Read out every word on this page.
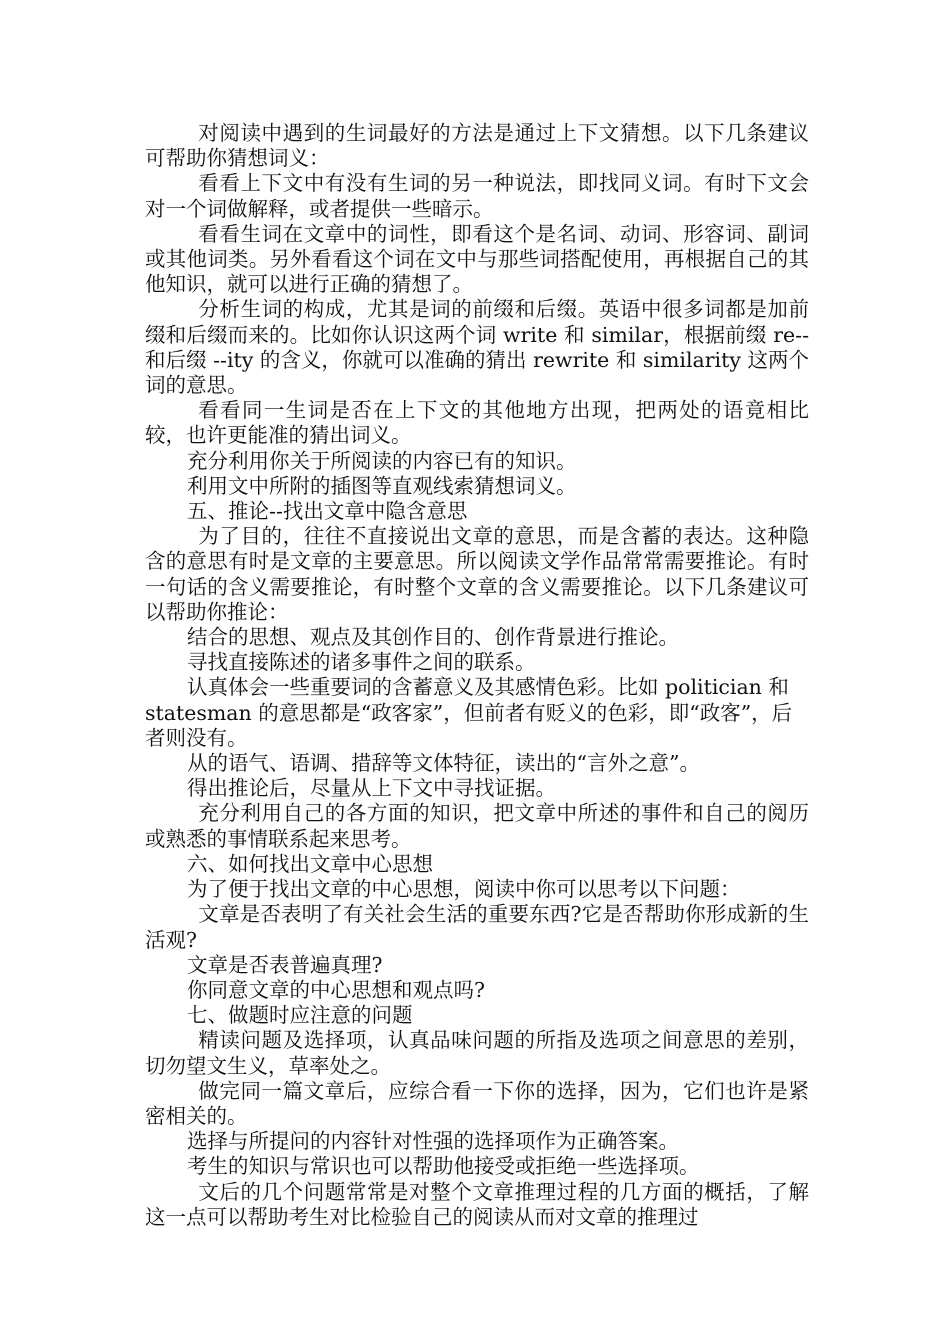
对阅读中遇到的生词最好的方法是通过上下文猜想。以下几条建议可帮助你猜想词义：

看看上下文中有没有生词的另一种说法，即找同义词。有时下文会对一个词做解释，或者提供一些暗示。

看看生词在文章中的词性，即看这个是名词、动词、形容词、副词或其他词类。另外看看这个词在文中与那些词搭配使用，再根据自己的其他知识，就可以进行正确的猜想了。

分析生词的构成，尤其是词的前缀和后缀。英语中很多词都是加前缀和后缀而来的。比如你认识这两个词 write 和 similar，根据前缀 re-- 和后缀 --ity 的含义，你就可以准确的猜出 rewrite 和 similarity 这两个词的意思。

看看同一生词是否在上下文的其他地方出现，把两处的语竟相比较，也许更能准的猜出词义。

充分利用你关于所阅读的内容已有的知识。

利用文中所附的插图等直观线索猜想词义。

五、推论--找出文章中隐含意思

为了目的，往往不直接说出文章的意思，而是含蓄的表达。这种隐含的意思有时是文章的主要意思。所以阅读文学作品常常需要推论。有时一句话的含义需要推论，有时整个文章的含义需要推论。以下几条建议可以帮助你推论：

结合的思想、观点及其创作目的、创作背景进行推论。

寻找直接陈述的诸多事件之间的联系。

认真体会一些重要词的含蓄意义及其感情色彩。比如 politician 和 statesman 的意思都是“政客家”，但前者有贬义的色彩，即“政客”，后者则没有。

从的语气、语调、措辞等文体特征，读出的“言外之意”。

得出推论后，尽量从上下文中寻找证据。

充分利用自己的各方面的知识，把文章中所述的事件和自己的阅历或熟悉的事情联系起来思考。

六、如何找出文章中心思想

为了便于找出文章的中心思想，阅读中你可以思考以下问题：

文章是否表明了有关社会生活的重要东西?它是否帮助你形成新的生活观?

文章是否表普遍真理?

你同意文章的中心思想和观点吗?

七、做题时应注意的问题

精读问题及选择项，认真品味问题的所指及选项之间意思的差别，切勿望文生义，草率处之。

做完同一篇文章后，应综合看一下你的选择，因为，它们也许是紧密相关的。

选择与所提问的内容针对性强的选择项作为正确答案。

考生的知识与常识也可以帮助他接受或拒绝一些选择项。

文后的几个问题常常是对整个文章推理过程的几方面的概括，了解这一点可以帮助考生对比检验自己的阅读从而对文章的推理过
